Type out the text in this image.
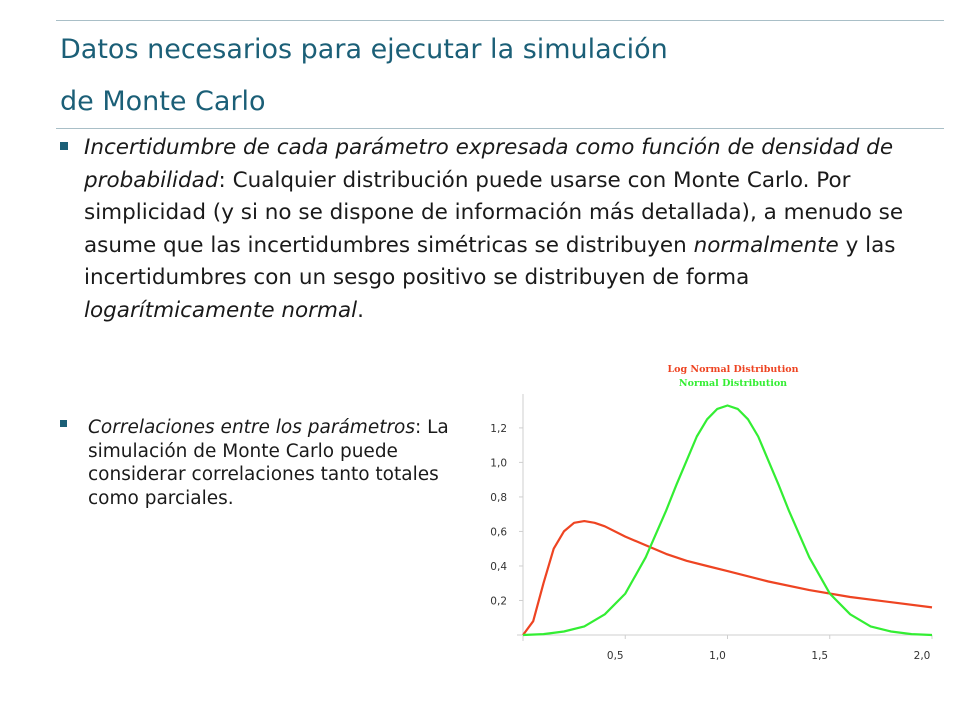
Datos necesarios para ejecutar la simulación
de Monte Carlo
Incertidumbre de cada parámetro expresada como función de densidad de probabilidad: Cualquier distribución puede usarse con Monte Carlo. Por simplicidad (y si no se dispone de información más detallada), a menudo se asume que las incertidumbres simétricas se distribuyen normalmente y las incertidumbres con un sesgo positivo se distribuyen de forma logarítmicamente normal.
Correlaciones entre los parámetros: La simulación de Monte Carlo puede considerar correlaciones tanto totales como parciales.
0,2
0,4
0,6
0,8
1,0
1,2
0,5	1,0	1,5	2,0
Log Normal Distribution
Normal Distribution
